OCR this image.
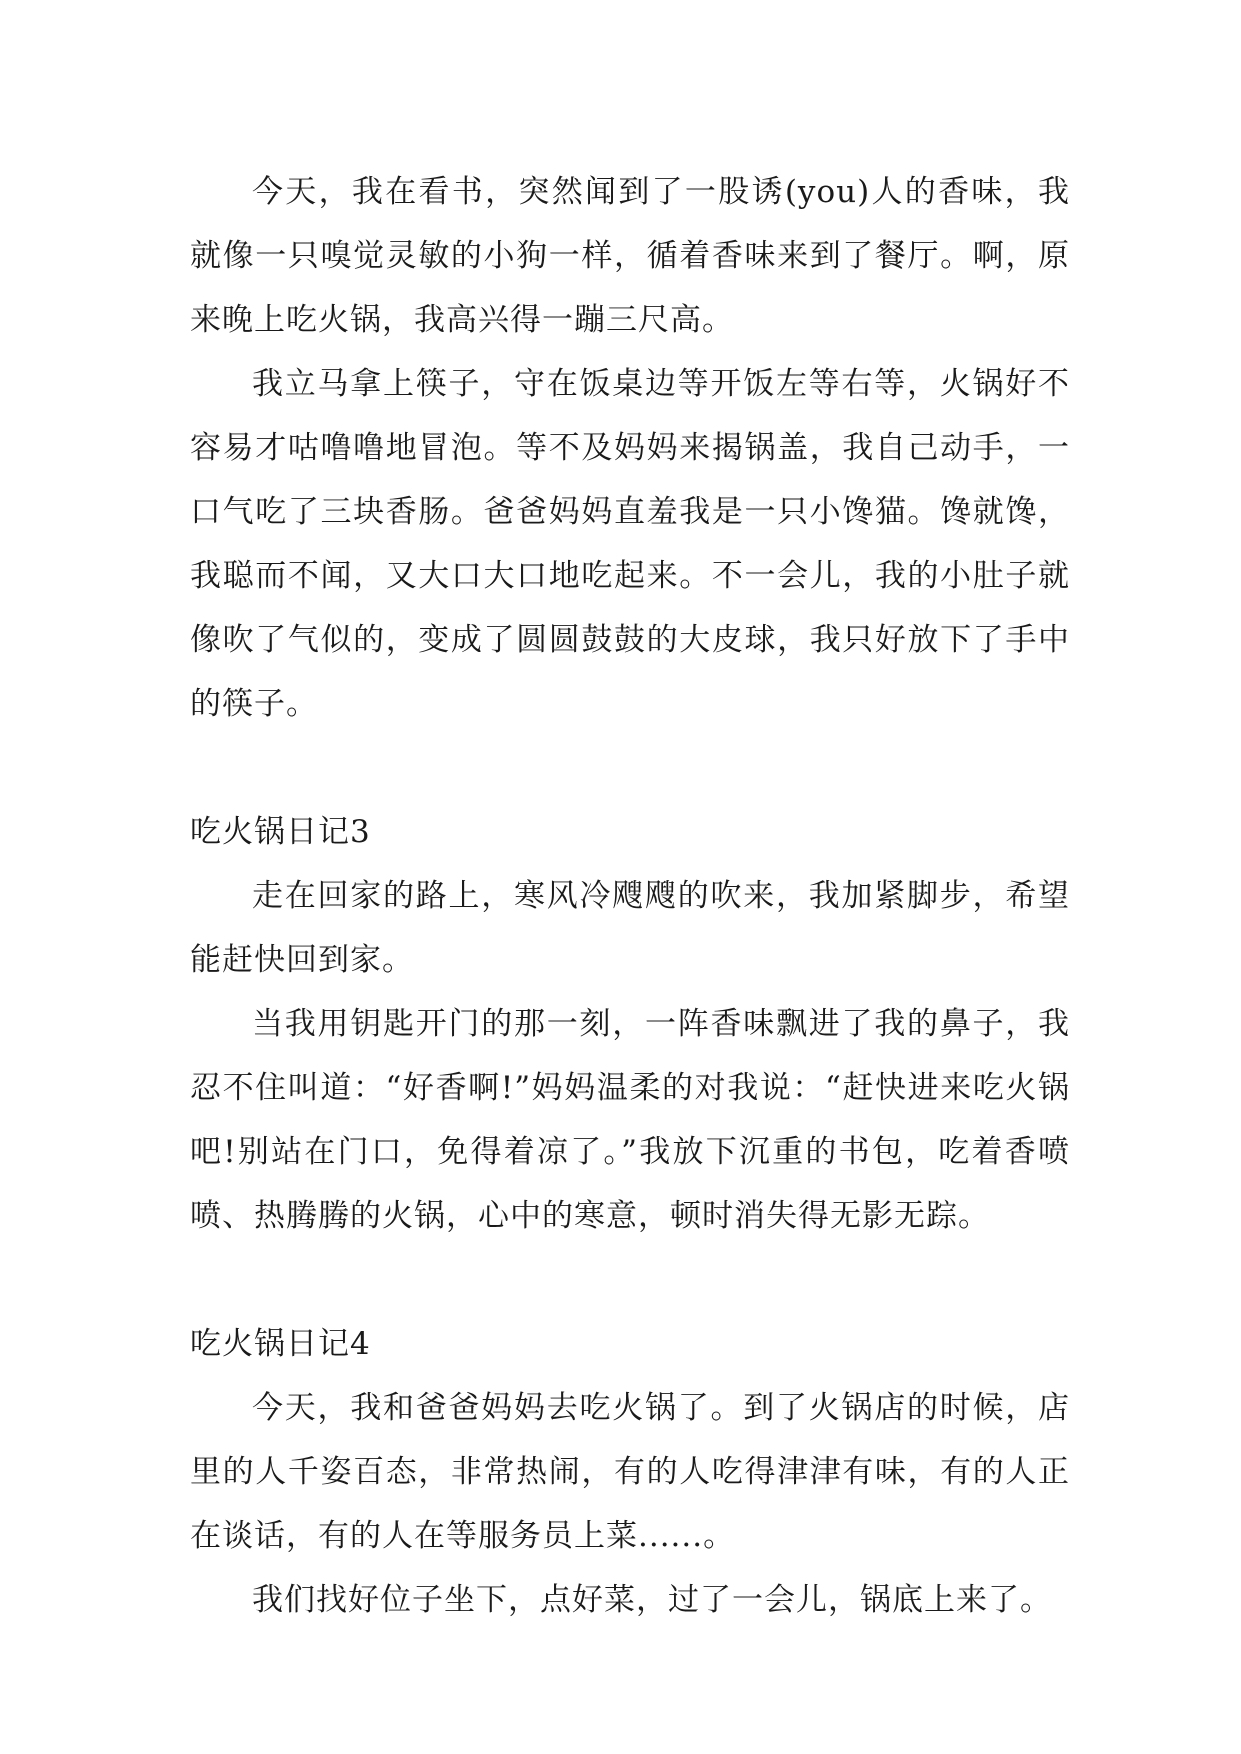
今天，我在看书，突然闻到了一股诱(you)人的香味，我就像一只嗅觉灵敏的小狗一样，循着香味来到了餐厅。啊，原来晚上吃火锅，我高兴得一蹦三尺高。

我立马拿上筷子，守在饭桌边等开饭左等右等，火锅好不容易才咕噜噜地冒泡。等不及妈妈来揭锅盖，我自己动手，一口气吃了三块香肠。爸爸妈妈直羞我是一只小馋猫。馋就馋，我聪而不闻，又大口大口地吃起来。不一会儿，我的小肚子就像吹了气似的，变成了圆圆鼓鼓的大皮球，我只好放下了手中的筷子。

吃火锅日记3

走在回家的路上，寒风冷飕飕的吹来，我加紧脚步，希望能赶快回到家。

当我用钥匙开门的那一刻，一阵香味飘进了我的鼻子，我忍不住叫道：“好香啊!”妈妈温柔的对我说：“赶快进来吃火锅吧!别站在门口，免得着凉了。”我放下沉重的书包，吃着香喷喷、热腾腾的火锅，心中的寒意，顿时消失得无影无踪。

吃火锅日记4

今天，我和爸爸妈妈去吃火锅了。到了火锅店的时候，店里的人千姿百态，非常热闹，有的人吃得津津有味，有的人正在谈话，有的人在等服务员上菜......。

我们找好位子坐下，点好菜，过了一会儿，锅底上来了。
